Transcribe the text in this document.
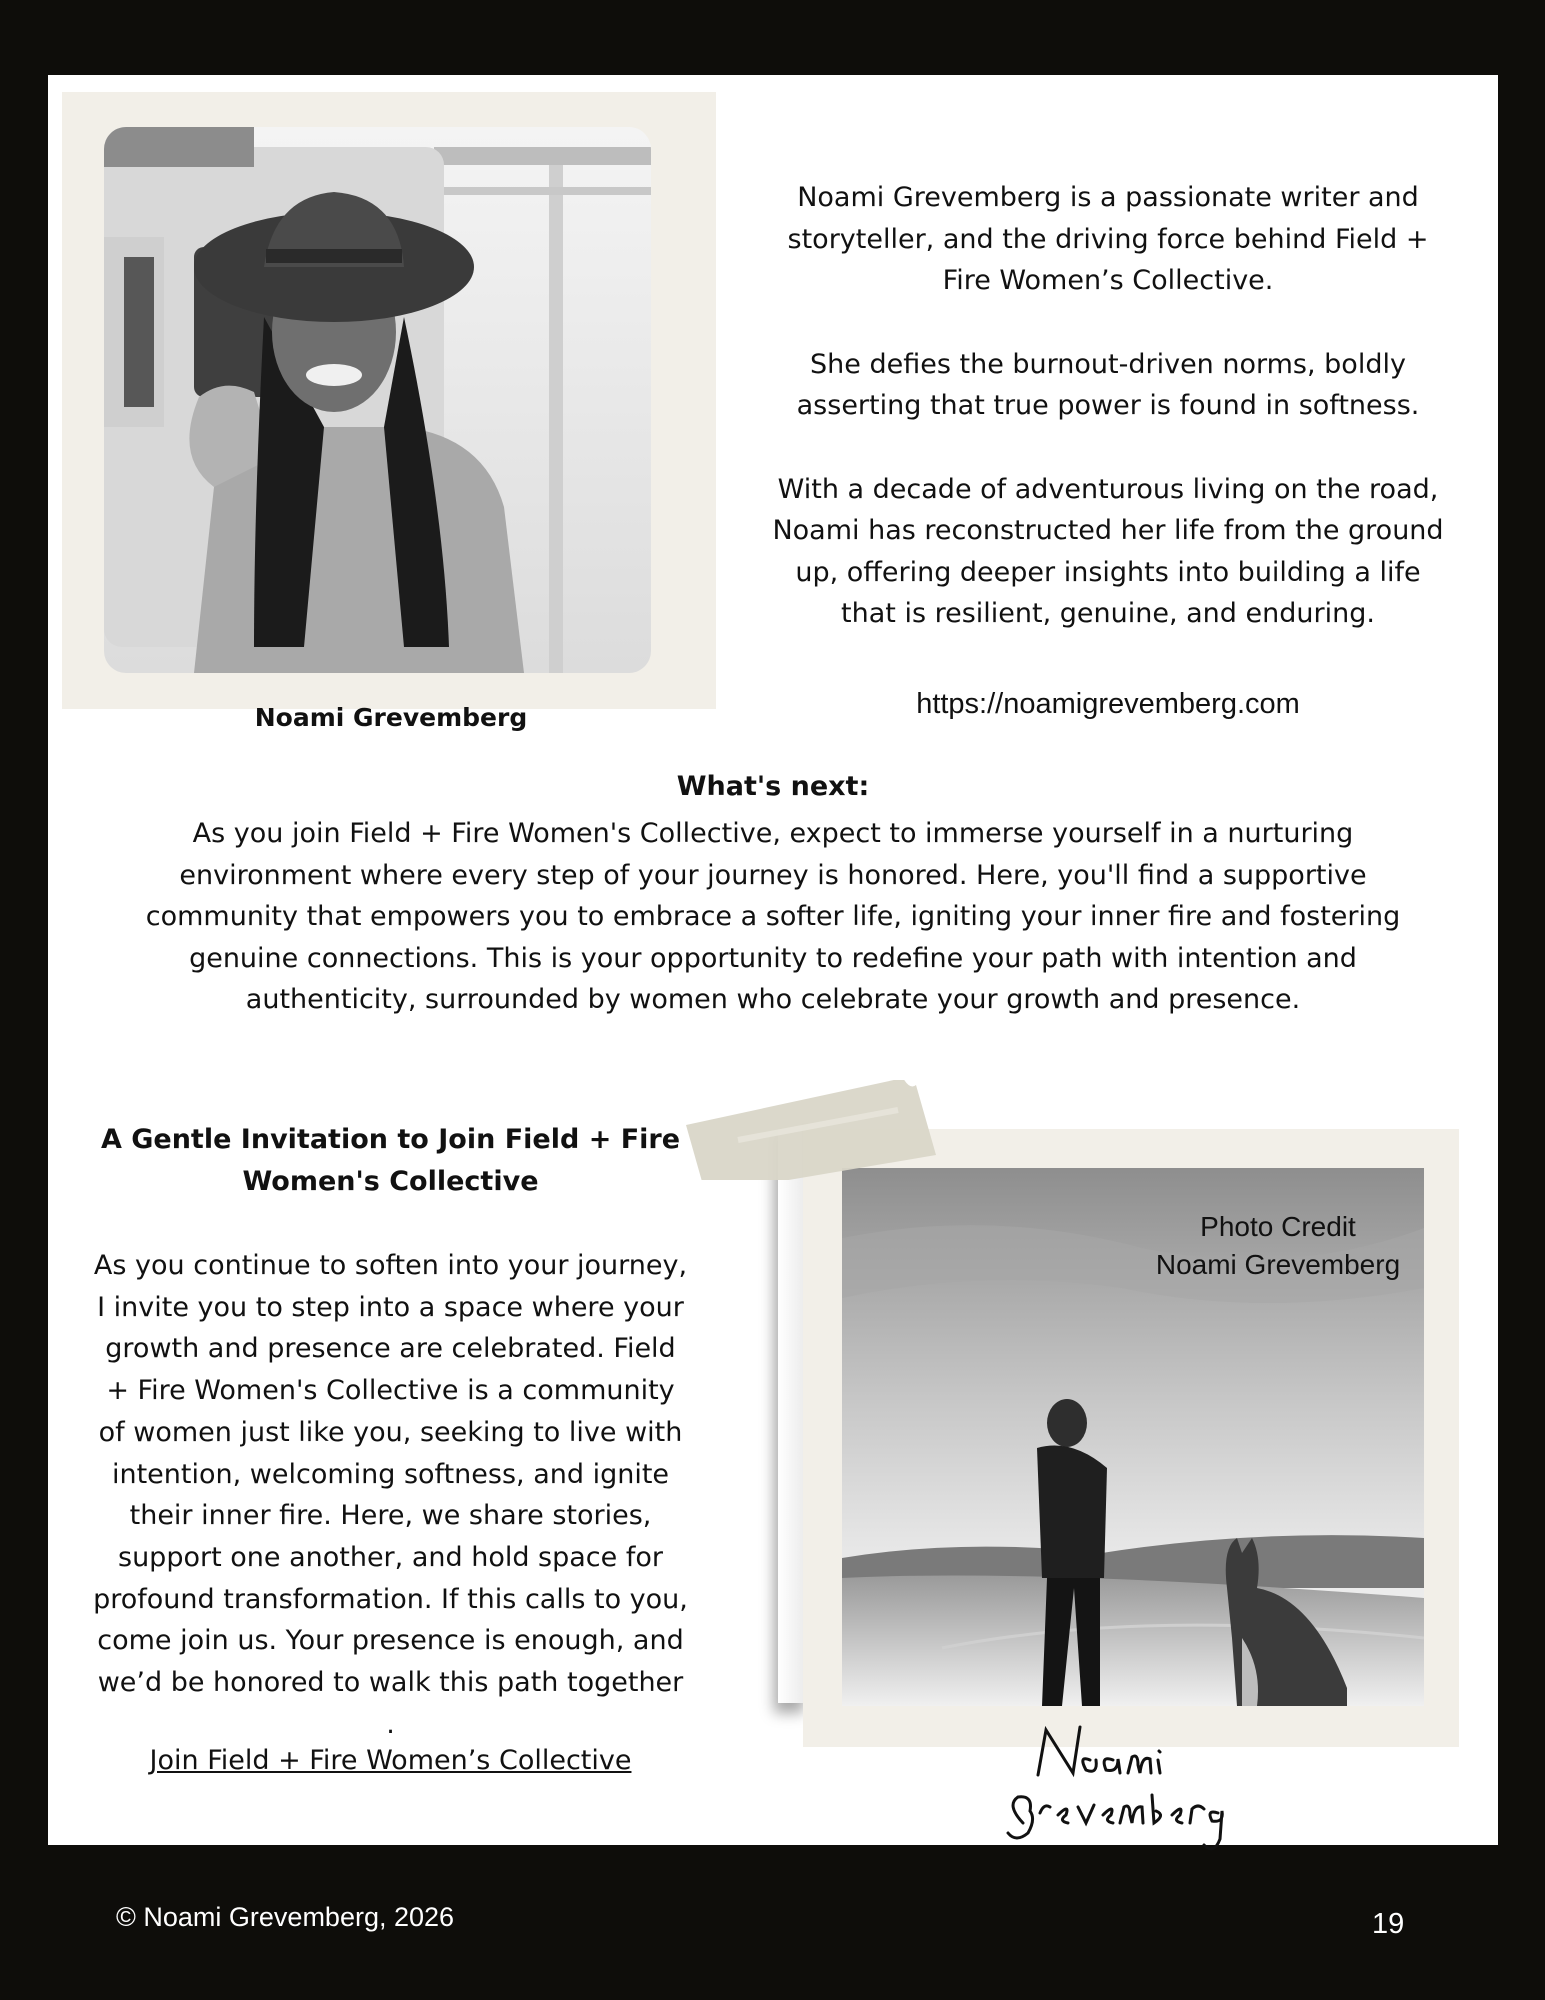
Noami Grevemberg

Noami Grevemberg is a passionate writer and storyteller, and the driving force behind Field + Fire Women’s Collective.

She defies the burnout-driven norms, boldly asserting that true power is found in softness.

With a decade of adventurous living on the road, Noami has reconstructed her life from the ground up, offering deeper insights into building a life that is resilient, genuine, and enduring.

https://noamigrevemberg.com
What's next:
As you join Field + Fire Women's Collective, expect to immerse yourself in a nurturing environment where every step of your journey is honored. Here, you'll find a supportive community that empowers you to embrace a softer life, igniting your inner fire and fostering genuine connections. This is your opportunity to redefine your path with intention and authenticity, surrounded by women who celebrate your growth and presence.
A Gentle Invitation to Join Field + Fire Women's Collective
As you continue to soften into your journey, I invite you to step into a space where your growth and presence are celebrated. Field + Fire Women's Collective is a community of women just like you, seeking to live with intention, welcoming softness, and ignite their inner fire. Here, we share stories, support one another, and hold space for profound transformation. If this calls to you, come join us. Your presence is enough, and we’d be honored to walk this path together .
Join Field + Fire Women’s Collective
Photo Credit
Noami Grevemberg
© Noami Grevemberg, 2026	19
